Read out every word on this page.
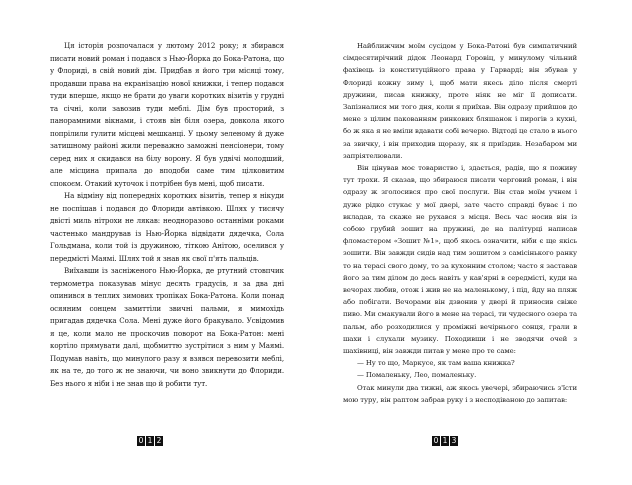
Ця історія розпочалася у лютому 2012 року; я збирався писати новий роман і подався з Нью-Йорка до Бока-Ратона, що у Флориді, в свій новий дім. Придбав я його три місяці тому, продавши права на екранізацію нової книжки, і тепер подався туди вперше, якщо не брати до уваги коротких візитів у грудні та січні, коли завозив туди меблі. Дім був просторий, з панорамними вікнами, і стояв він біля озера, довкола якого попрілили гулити місцеві мешканці. У цьому зеленому й дуже затишному районі жили переважно заможні пенсіонери, тому серед них я скидався на білу ворону. Я був удвічі молодший, але місцина припала до вподоби саме тим цілковитим спокоєм. Отакий куточок і потрібен був мені, щоб писати.

На відміну від попередніх коротких візитів, тепер я нікуди не поспішав і подався до Флориди автівкою. Шлях у тисячу двісті миль нітрохи не лякав: неодноразово останніми роками частенько мандрував із Нью-Йорка відвідати дядечка, Сола Гольдмана, коли той із дружиною, тіткою Анітою, оселився у передмісті Маямі. Шлях той я знав як свої п'ять пальців.

Виїхавши із засніженого Нью-Йорка, де ртутний стовпчик термометра показував мінус десять градусів, я за два дні опинився в теплих зимових тропіках Бока-Ратона. Коли понад осяяним сонцем замиттіли звичні пальми, я мимохідь пригадав дядечка Сола. Мені дуже його бракувало. Усвідомив я це, коли мало не проскочив поворот на Бока-Ратон: мені кортіло прямувати далі, щобмиттю зустрітися з ним у Маямі. Подумав навіть, що минулого разу я взявся перевозити меблі, як на те, до того ж не знаючи, чи воно звикнути до Флориди. Без нього я ніби і не знав що й робити тут.

Найближчим моїм сусідом у Бока-Ратоні був симпатичний сімдесятирічний дідок Леонард Горовіц, у минулому чільний фахівець із конституційного права у Гарварді; він збував у Флориді кожну зиму і, щоб мати якесь діло після смерті дружини, писав книжку, проте ніяк не міг її дописати. Запізналися ми того дня, коли я приїхав. Він одразу прийшов до мене з цілим пакованням ринкових бляшанок і пирогів з кухні, бо ж яка я не вміли вдавати собі вечерю. Відтоді це стало в нього за звичку, і він приходив щоразу, як я приїздив. Незабаром ми запріятелювали.

Він цінував моє товариство і, здається, радів, що я поживу тут трохи. Я сказав, що збираюся писати черговий роман, і він одразу ж зголосився про свої послуги. Він став моїм учнем і дуже рідко стукає у мої двері, зате часто справді буває і по вкладав, та скаже не рухався з місця. Весь час носив він із собою грубий зошит на пружині, де на палітурці написав фломастером «Зошит №1», щоб якось означити, ніби є ще якісь зошити. Він завжди сидів над тим зошитом з самісінького ранку то на терасі свого дому, то за кухонним столом; часто я заставав його за тим ділом до десь навіть у кав'ярні в середмісті, куди на вечорах любив, отож і жив не на маленькому, і під, йду на пляж або побігати. Вечорами він дзвонив у двері й приносив свіже пиво. Ми смакували його в мене на терасі, ти чудесного озера та пальм, або розходилися у проміжні вечірнього сонця, грали в шахи і слухали музику. Походивши і не зводячи очей з шахівниці, він завжди питав у мене про те саме:

— Ну то що, Маркусе, як там ваша книжка?

— Помаленьку, Лео, помаленьку.

Отак минули два тижні, аж якось увечері, збираючись з'їсти мою туру, він раптом забрав руку і з несподіваною до запитав:

0 1 2	0 1 3
